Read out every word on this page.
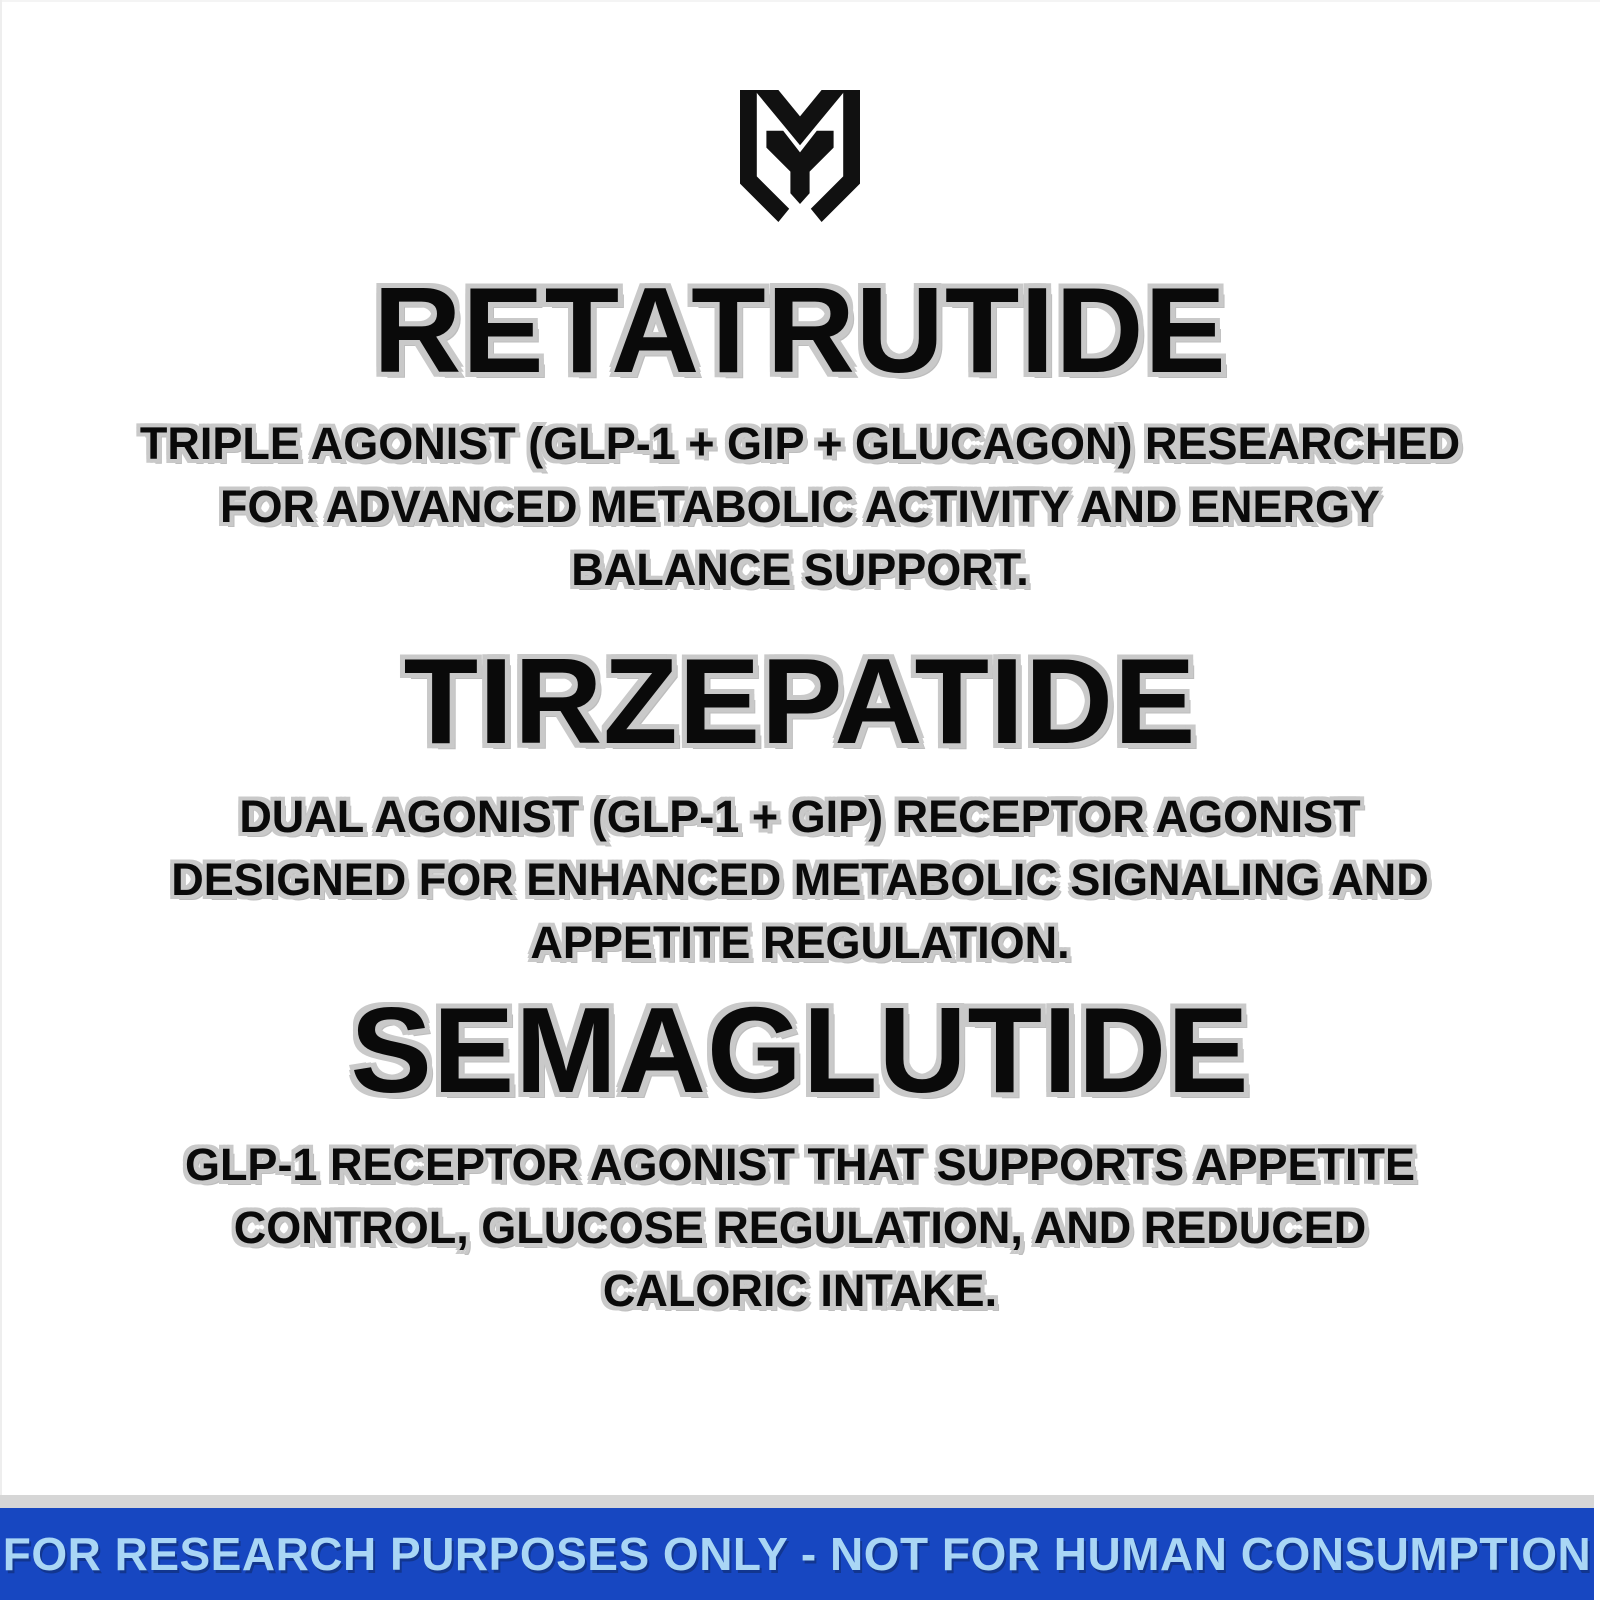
RETATRUTIDE
TRIPLE AGONIST (GLP-1 + GIP + GLUCAGON) RESEARCHED
FOR ADVANCED METABOLIC ACTIVITY AND ENERGY
BALANCE SUPPORT.
TIRZEPATIDE
DUAL AGONIST (GLP-1 + GIP) RECEPTOR AGONIST
DESIGNED FOR ENHANCED METABOLIC SIGNALING AND
APPETITE REGULATION.
SEMAGLUTIDE
GLP-1 RECEPTOR AGONIST THAT SUPPORTS APPETITE
CONTROL, GLUCOSE REGULATION, AND REDUCED
CALORIC INTAKE.
FOR RESEARCH PURPOSES ONLY - NOT FOR HUMAN CONSUMPTION
